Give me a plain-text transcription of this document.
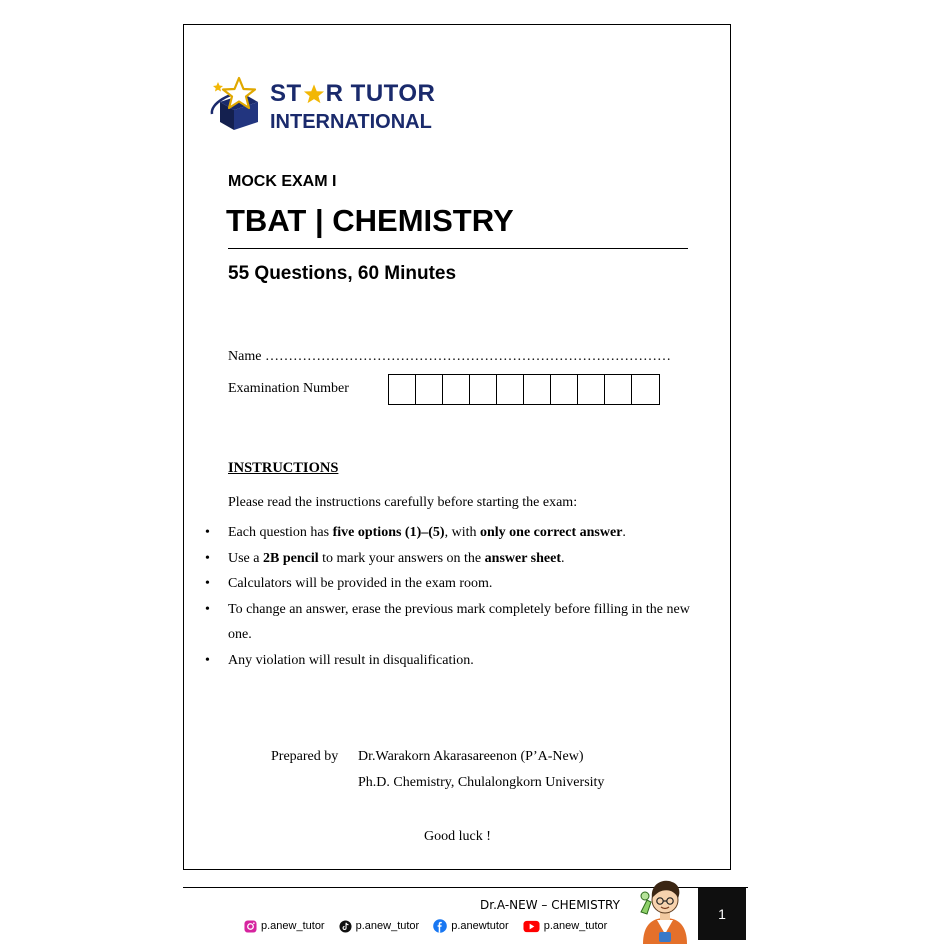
ST R TUTOR
INTERNATIONAL
MOCK EXAM I
TBAT | CHEMISTRY
55 Questions, 60 Minutes
Name ……………………………………………………………………………
Examination Number
INSTRUCTIONS
Please read the instructions carefully before starting the exam:
• Each question has five options (1)–(5), with only one correct answer.
• Use a 2B pencil to mark your answers on the answer sheet.
• Calculators will be provided in the exam room.
• To change an answer, erase the previous mark completely before filling in the new
one.
• Any violation will result in disqualification.
Prepared by Dr.Warakorn Akarasareenon (P’A-New)
Ph.D. Chemistry, Chulalongkorn University
Good luck !
Dr.A-NEW – CHEMISTRY
p.anew_tutor	p.anew_tutor	p.anewtutor	p.anew_tutor
1
